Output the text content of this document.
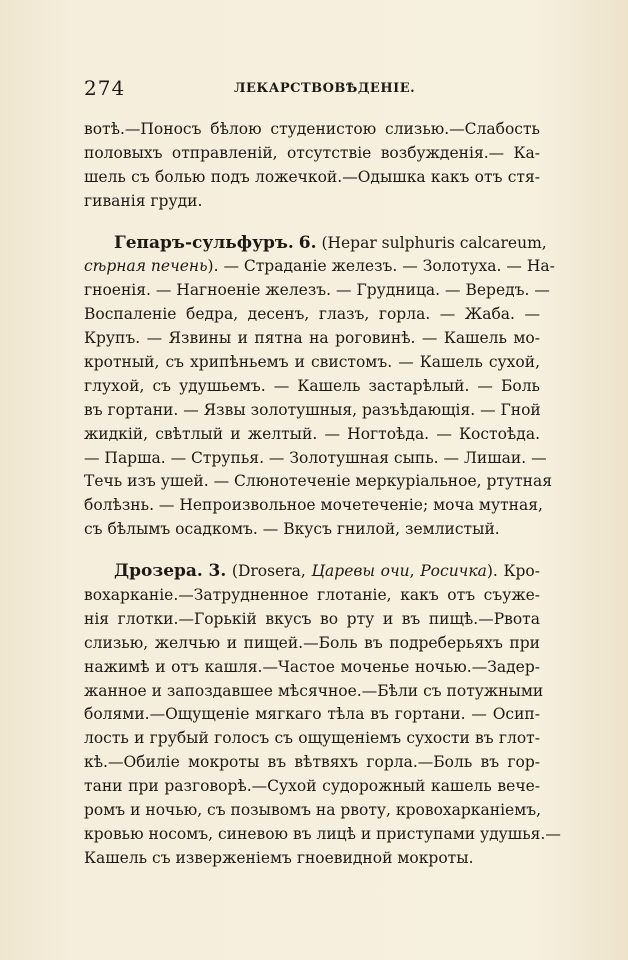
274	ЛЕКАРСТВОВѢДЕНІЕ.
вотѣ.—Поносъ бѣлою студенистою слизью.—Слабость
половыхъ отправленій, отсутствіе возбужденія.— Ка-
шель съ болью подъ ложечкой.—Одышка какъ отъ стя-
гиванія груди.
Гепаръ-сульфуръ. 6. (Hepar sulphuris calcareum,
сѣрная печень). — Страданіе железъ. — Золотуха. — На-
гноенія. — Нагноеніе железъ. — Грудница. — Вередъ. —
Воспаленіе бедра, десенъ, глазъ, горла. — Жаба. —
Крупъ. — Язвины и пятна на роговинѣ. — Кашель мо-
кротный, съ хрипѣньемъ и свистомъ. — Кашель сухой,
глухой, съ удушьемъ. — Кашель застарѣлый. — Боль
въ гортани. — Язвы золотушныя, разъѣдающія. — Гной
жидкій, свѣтлый и желтый. — Ногтоѣда. — Костоѣда.
— Парша. — Струпья. — Золотушная сыпь. — Лишаи. —
Течь изъ ушей. — Слюнотеченіе меркуріальное, ртутная
болѣзнь. — Непроизвольное мочетеченіе; моча мутная,
съ бѣлымъ осадкомъ. — Вкусъ гнилой, землистый.
Дрозера. 3. (Drosera, Царевы очи, Росичка). Кро-
вохарканіе.—Затрудненное глотаніе, какъ отъ съуже-
нія глотки.—Горькій вкусъ во рту и въ пищѣ.—Рвота
слизью, желчью и пищей.—Боль въ подреберьяхъ при
нажимѣ и отъ кашля.—Частое моченье ночью.—Задер-
жанное и запоздавшее мѣсячное.—Бѣли съ потужными
болями.—Ощущеніе мягкаго тѣла въ гортани. — Осип-
лость и грубый голосъ съ ощущеніемъ сухости въ глот-
кѣ.—Обиліе мокроты въ вѣтвяхъ горла.—Боль въ гор-
тани при разговорѣ.—Сухой судорожный кашель вече-
ромъ и ночью, съ позывомъ на рвоту, кровохарканіемъ,
кровью носомъ, синевою въ лицѣ и приступами удушья.—
Кашель съ изверженіемъ гноевидной мокроты.
